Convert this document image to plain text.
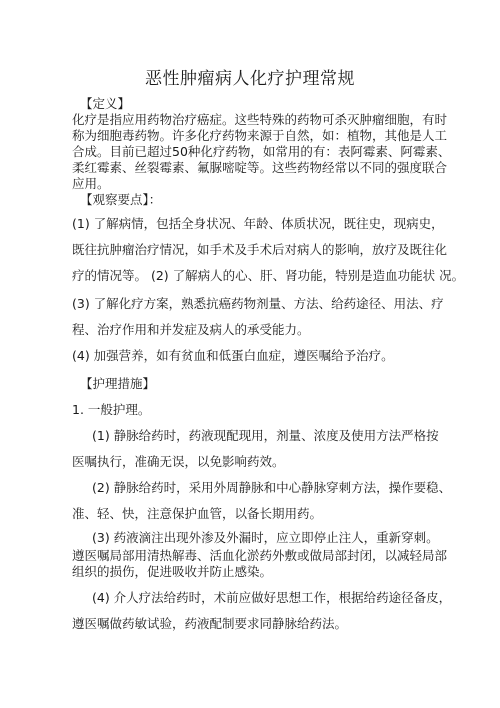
恶性肿瘤病人化疗护理常规
【定义】
化疗是指应用药物治疗癌症。这些特殊的药物可杀灭肿瘤细胞，有时
称为细胞毒药物。许多化疗药物来源于自然，如：植物，其他是人工
合成。目前已超过50种化疗药物，如常用的有：表阿霉素、阿霉素、
柔红霉素、丝裂霉素、氟脲嘧啶等。这些药物经常以不同的强度联合
应用。
【观察要点】：
(1) 了解病情，包括全身状况、年龄、体质状况，既往史，现病史，
既往抗肿瘤治疗情况，如手术及手术后对病人的影响，放疗及既往化
疗的情况等。 (2) 了解病人的心、肝、肾功能，特别是造血功能状 况。
(3) 了解化疗方案，熟悉抗癌药物剂量、方法、给药途径、用法、疗
程、治疗作用和并发症及病人的承受能力。
(4) 加强营养，如有贫血和低蛋白血症，遵医嘱给予治疗。
【护理措施】
1. 一般护理。
(1) 静脉给药时，药液现配现用，剂量、浓度及使用方法严格按
医嘱执行，准确无误，以免影响药效。
(2) 静脉给药时，采用外周静脉和中心静脉穿刺方法，操作要稳、
准、轻、快，注意保护血管，以备长期用药。
(3) 药液滴注出现外渗及外漏时，应立即停止注人，重新穿刺。
遵医嘱局部用清热解毒、活血化淤药外敷或做局部封闭，以减轻局部
组织的损伤，促进吸收并防止感染。
(4) 介人疗法给药时，术前应做好思想工作，根据给药途径备皮，
遵医嘱做药敏试验，药液配制要求同静脉给药法。
